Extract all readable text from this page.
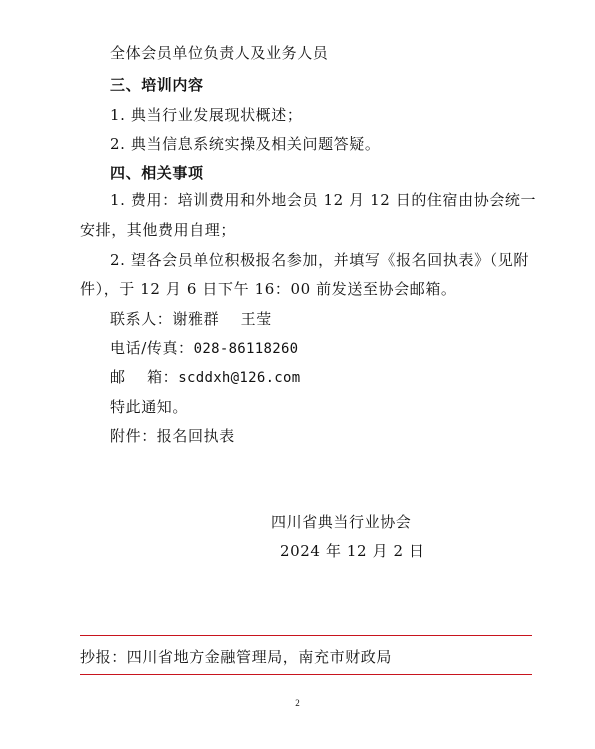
全体会员单位负责人及业务人员
三、培训内容
1. 典当行业发展现状概述；
2. 典当信息系统实操及相关问题答疑。
四、相关事项
1. 费用：培训费用和外地会员 12 月 12 日的住宿由协会统一
安排，其他费用自理；
2. 望各会员单位积极报名参加，并填写《报名回执表》（见附
件），于 12 月 6 日下午 16：00 前发送至协会邮箱。
联系人：谢雅群    王莹
电话/传真：028-86118260
邮    箱：scddxh@126.com
特此通知。
附件：报名回执表
四川省典当行业协会
2024 年 12 月 2 日
抄报：四川省地方金融管理局，南充市财政局
2
